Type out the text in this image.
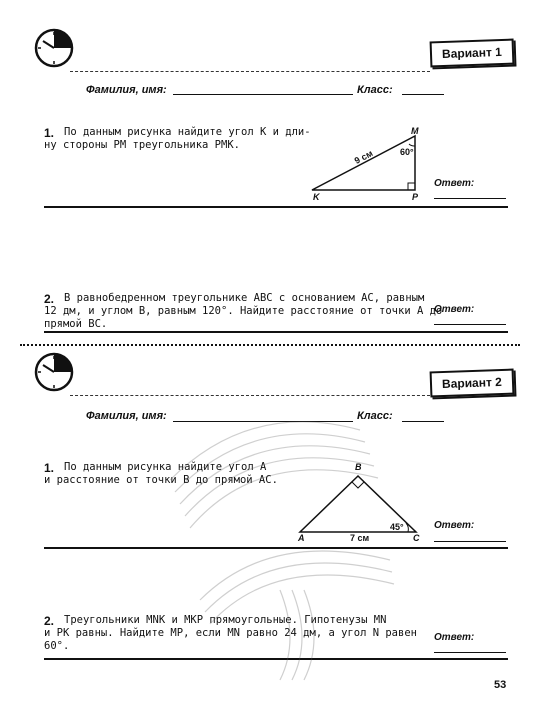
Вариант 1
Фамилия, имя:	Класс:
1. По данным рисунка найдите угол K и дли-
ну стороны PM треугольника PMK.
M
60°
9 см
K	P
Ответ:
2. В равнобедренном треугольнике ABC с основанием AC, равным
12 дм, и углом B, равным 120°. Найдите расстояние от точки A до
прямой BC.
Ответ:
Вариант 2
Фамилия, имя:	Класс:
1. По данным рисунка найдите угол A
и расстояние от точки B до прямой AC.
B
45°
A	7 см	C
Ответ:
2. Треугольники MNK и MKP прямоугольные. Гипотенузы MN
и PK равны. Найдите MP, если MN равно 24 дм, а угол N равен
60°.
Ответ:
53
